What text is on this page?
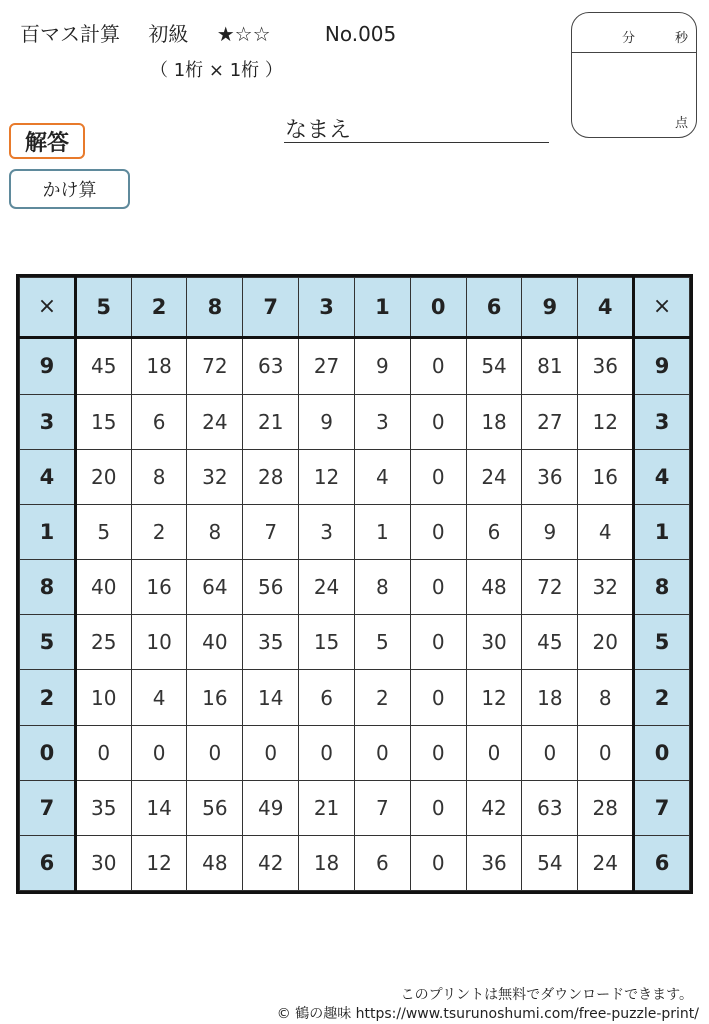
百マス計算 初級 ★☆☆	No.005
（ 1桁 × 1桁 ）
分	秒
点
解答
かけ算
なまえ
×	5	2	8	7	3	1	0	6	9	4	×
9	45	18	72	63	27	9	0	54	81	36	9
3	15	6	24	21	9	3	0	18	27	12	3
4	20	8	32	28	12	4	0	24	36	16	4
1	5	2	8	7	3	1	0	6	9	4	1
8	40	16	64	56	24	8	0	48	72	32	8
5	25	10	40	35	15	5	0	30	45	20	5
2	10	4	16	14	6	2	0	12	18	8	2
0	0	0	0	0	0	0	0	0	0	0	0
7	35	14	56	49	21	7	0	42	63	28	7
6	30	12	48	42	18	6	0	36	54	24	6
このプリントは無料でダウンロードできます。
© 鶴の趣味 https://www.tsurunoshumi.com/free-puzzle-print/
